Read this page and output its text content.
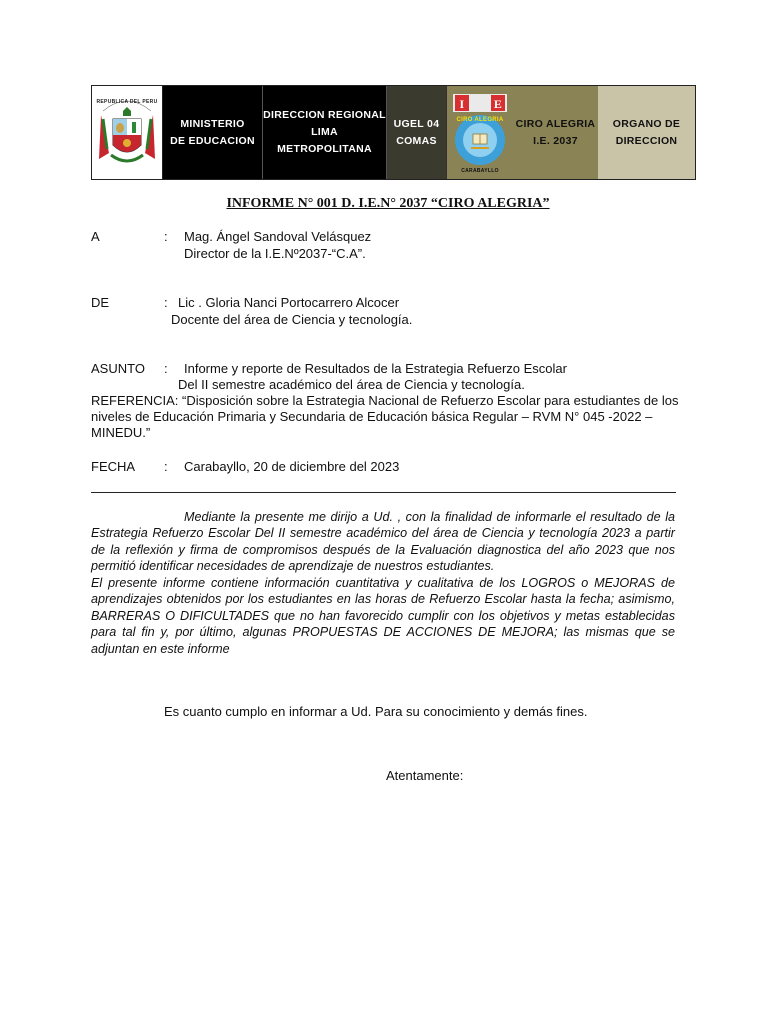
REPUBLICA DEL PERU
MINISTERIO
DE EDUCACION
DIRECCION REGIONAL
LIMA METROPOLITANA
UGEL 04
COMAS
I E
CIRO ALEGRIA
CARABAYLLO
CIRO ALEGRIA
I.E. 2037
ORGANO DE
DIRECCION
INFORME N° 001 D. I.E.N° 2037 “CIRO ALEGRIA”
A	: Mag. Ángel Sandoval Velásquez
Director de la I.E.Nº2037-“C.A”.
DE	: Lic . Gloria Nanci Portocarrero Alcocer
Docente del área de Ciencia y tecnología.
ASUNTO : Informe y reporte de Resultados de la Estrategia Refuerzo Escolar
Del II semestre académico del área de Ciencia y tecnología.
REFERENCIA: “Disposición sobre la Estrategia Nacional de Refuerzo Escolar para estudiantes de los
niveles de Educación Primaria y Secundaria de Educación básica Regular – RVM N° 045 -2022 –
MINEDU.”
FECHA : Carabayllo, 20 de diciembre del 2023

Mediante la presente me dirijo a Ud. , con la finalidad de informarle el resultado de la Estrategia Refuerzo Escolar Del II semestre académico del área de Ciencia y tecnología 2023 a partir de la reflexión y firma de compromisos después de la Evaluación diagnostica del año 2023 que nos permitió identificar necesidades de aprendizaje de nuestros estudiantes.

El presente informe contiene información cuantitativa y cualitativa de los LOGROS o MEJORAS de aprendizajes obtenidos por los estudiantes en las horas de Refuerzo Escolar hasta la fecha; asimismo, BARRERAS O DIFICULTADES que no han favorecido cumplir con los objetivos y metas establecidas para tal fin y, por último, algunas PROPUESTAS DE ACCIONES DE MEJORA; las mismas que se adjuntan en este informe

Es cuanto cumplo en informar a Ud. Para su conocimiento y demás fines.
Atentamente:
